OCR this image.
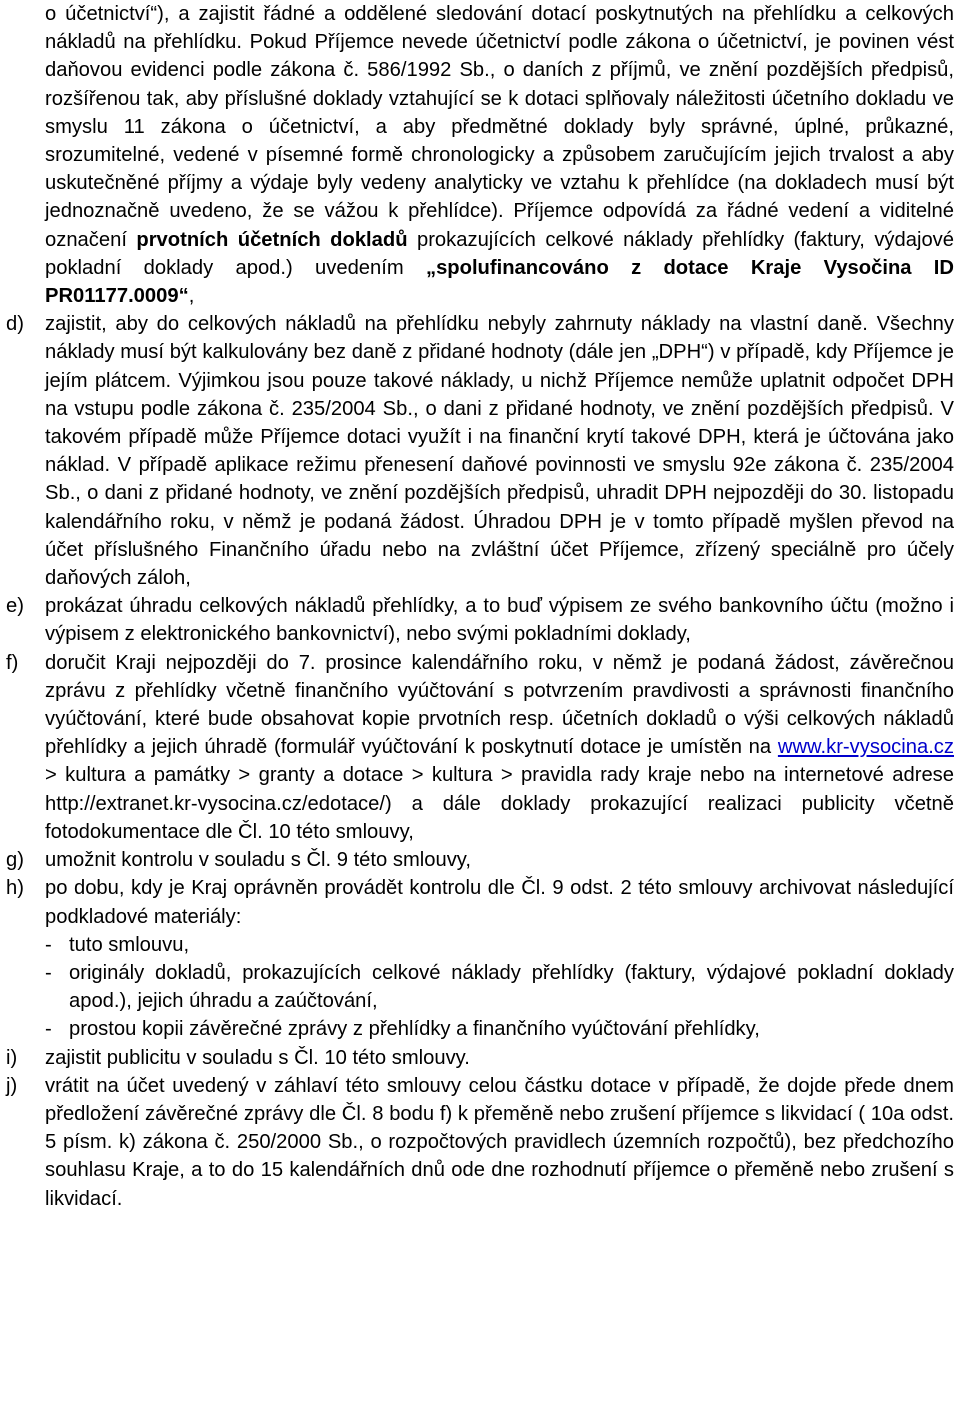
o účetnictví“), a zajistit řádné a oddělené sledování dotací poskytnutých na přehlídku a celkových nákladů na přehlídku. Pokud Příjemce nevede účetnictví podle zákona o účetnictví, je povinen vést daňovou evidenci podle zákona č. 586/1992 Sb., o daních z příjmů, ve znění pozdějších předpisů, rozšířenou tak, aby příslušné doklady vztahující se k dotaci splňovaly náležitosti účetního dokladu ve smyslu 11 zákona o účetnictví, a aby předmětné doklady byly správné, úplné, průkazné, srozumitelné, vedené v písemné formě chronologicky a způsobem zaručujícím jejich trvalost a aby uskutečněné příjmy a výdaje byly vedeny analyticky ve vztahu k přehlídce (na dokladech musí být jednoznačně uvedeno, že se vážou k přehlídce). Příjemce odpovídá za řádné vedení a viditelné označení prvotních účetních dokladů prokazujících celkové náklady přehlídky (faktury, výdajové pokladní doklady apod.) uvedením „spolufinancováno z dotace Kraje Vysočina ID PR01177.0009“,

d)	zajistit, aby do celkových nákladů na přehlídku nebyly zahrnuty náklady na vlastní daně. Všechny náklady musí být kalkulovány bez daně z přidané hodnoty (dále jen „DPH“) v případě, kdy Příjemce je jejím plátcem. Výjimkou jsou pouze takové náklady, u nichž Příjemce nemůže uplatnit odpočet DPH na vstupu podle zákona č. 235/2004 Sb., o dani z přidané hodnoty, ve znění pozdějších předpisů. V takovém případě může Příjemce dotaci využít i na finanční krytí takové DPH, která je účtována jako náklad. V případě aplikace režimu přenesení daňové povinnosti ve smyslu 92e zákona č. 235/2004 Sb., o dani z přidané hodnoty, ve znění pozdějších předpisů, uhradit DPH nejpozději do 30. listopadu kalendářního roku, v němž je podaná žádost. Úhradou DPH je v tomto případě myšlen převod na účet příslušného Finančního úřadu nebo na zvláštní účet Příjemce, zřízený speciálně pro účely daňových záloh,
e)	prokázat úhradu celkových nákladů přehlídky, a to buď výpisem ze svého bankovního účtu (možno i výpisem z elektronického bankovnictví), nebo svými pokladními doklady,
f)	doručit Kraji nejpozději do 7. prosince kalendářního roku, v němž je podaná žádost, závěrečnou zprávu z přehlídky včetně finančního vyúčtování s potvrzením pravdivosti a správnosti finančního vyúčtování, které bude obsahovat kopie prvotních resp. účetních dokladů o výši celkových nákladů přehlídky a jejich úhradě (formulář vyúčtování k poskytnutí dotace je umístěn na www.kr-vysocina.cz > kultura a památky > granty a dotace > kultura > pravidla rady kraje nebo na internetové adrese http://extranet.kr-vysocina.cz/edotace/) a dále doklady prokazující realizaci publicity včetně fotodokumentace dle Čl. 10 této smlouvy,
g)	umožnit kontrolu v souladu s Čl. 9 této smlouvy,
h)	po dobu, kdy je Kraj oprávněn provádět kontrolu dle Čl. 9 odst. 2 této smlouvy archivovat následující podkladové materiály:
- tuto smlouvu,
- originály dokladů, prokazujících celkové náklady přehlídky (faktury, výdajové pokladní doklady apod.), jejich úhradu a zaúčtování,
- prostou kopii závěrečné zprávy z přehlídky a finančního vyúčtování přehlídky,
i)	zajistit publicitu v souladu s Čl. 10 této smlouvy.
j)	vrátit na účet uvedený v záhlaví této smlouvy celou částku dotace v případě, že dojde přede dnem předložení závěrečné zprávy dle Čl. 8 bodu f) k přeměně nebo zrušení příjemce s likvidací ( 10a odst. 5 písm. k) zákona č. 250/2000 Sb., o rozpočtových pravidlech územních rozpočtů), bez předchozího souhlasu Kraje, a to do 15 kalendářních dnů ode dne rozhodnutí příjemce o přeměně nebo zrušení s likvidací.
